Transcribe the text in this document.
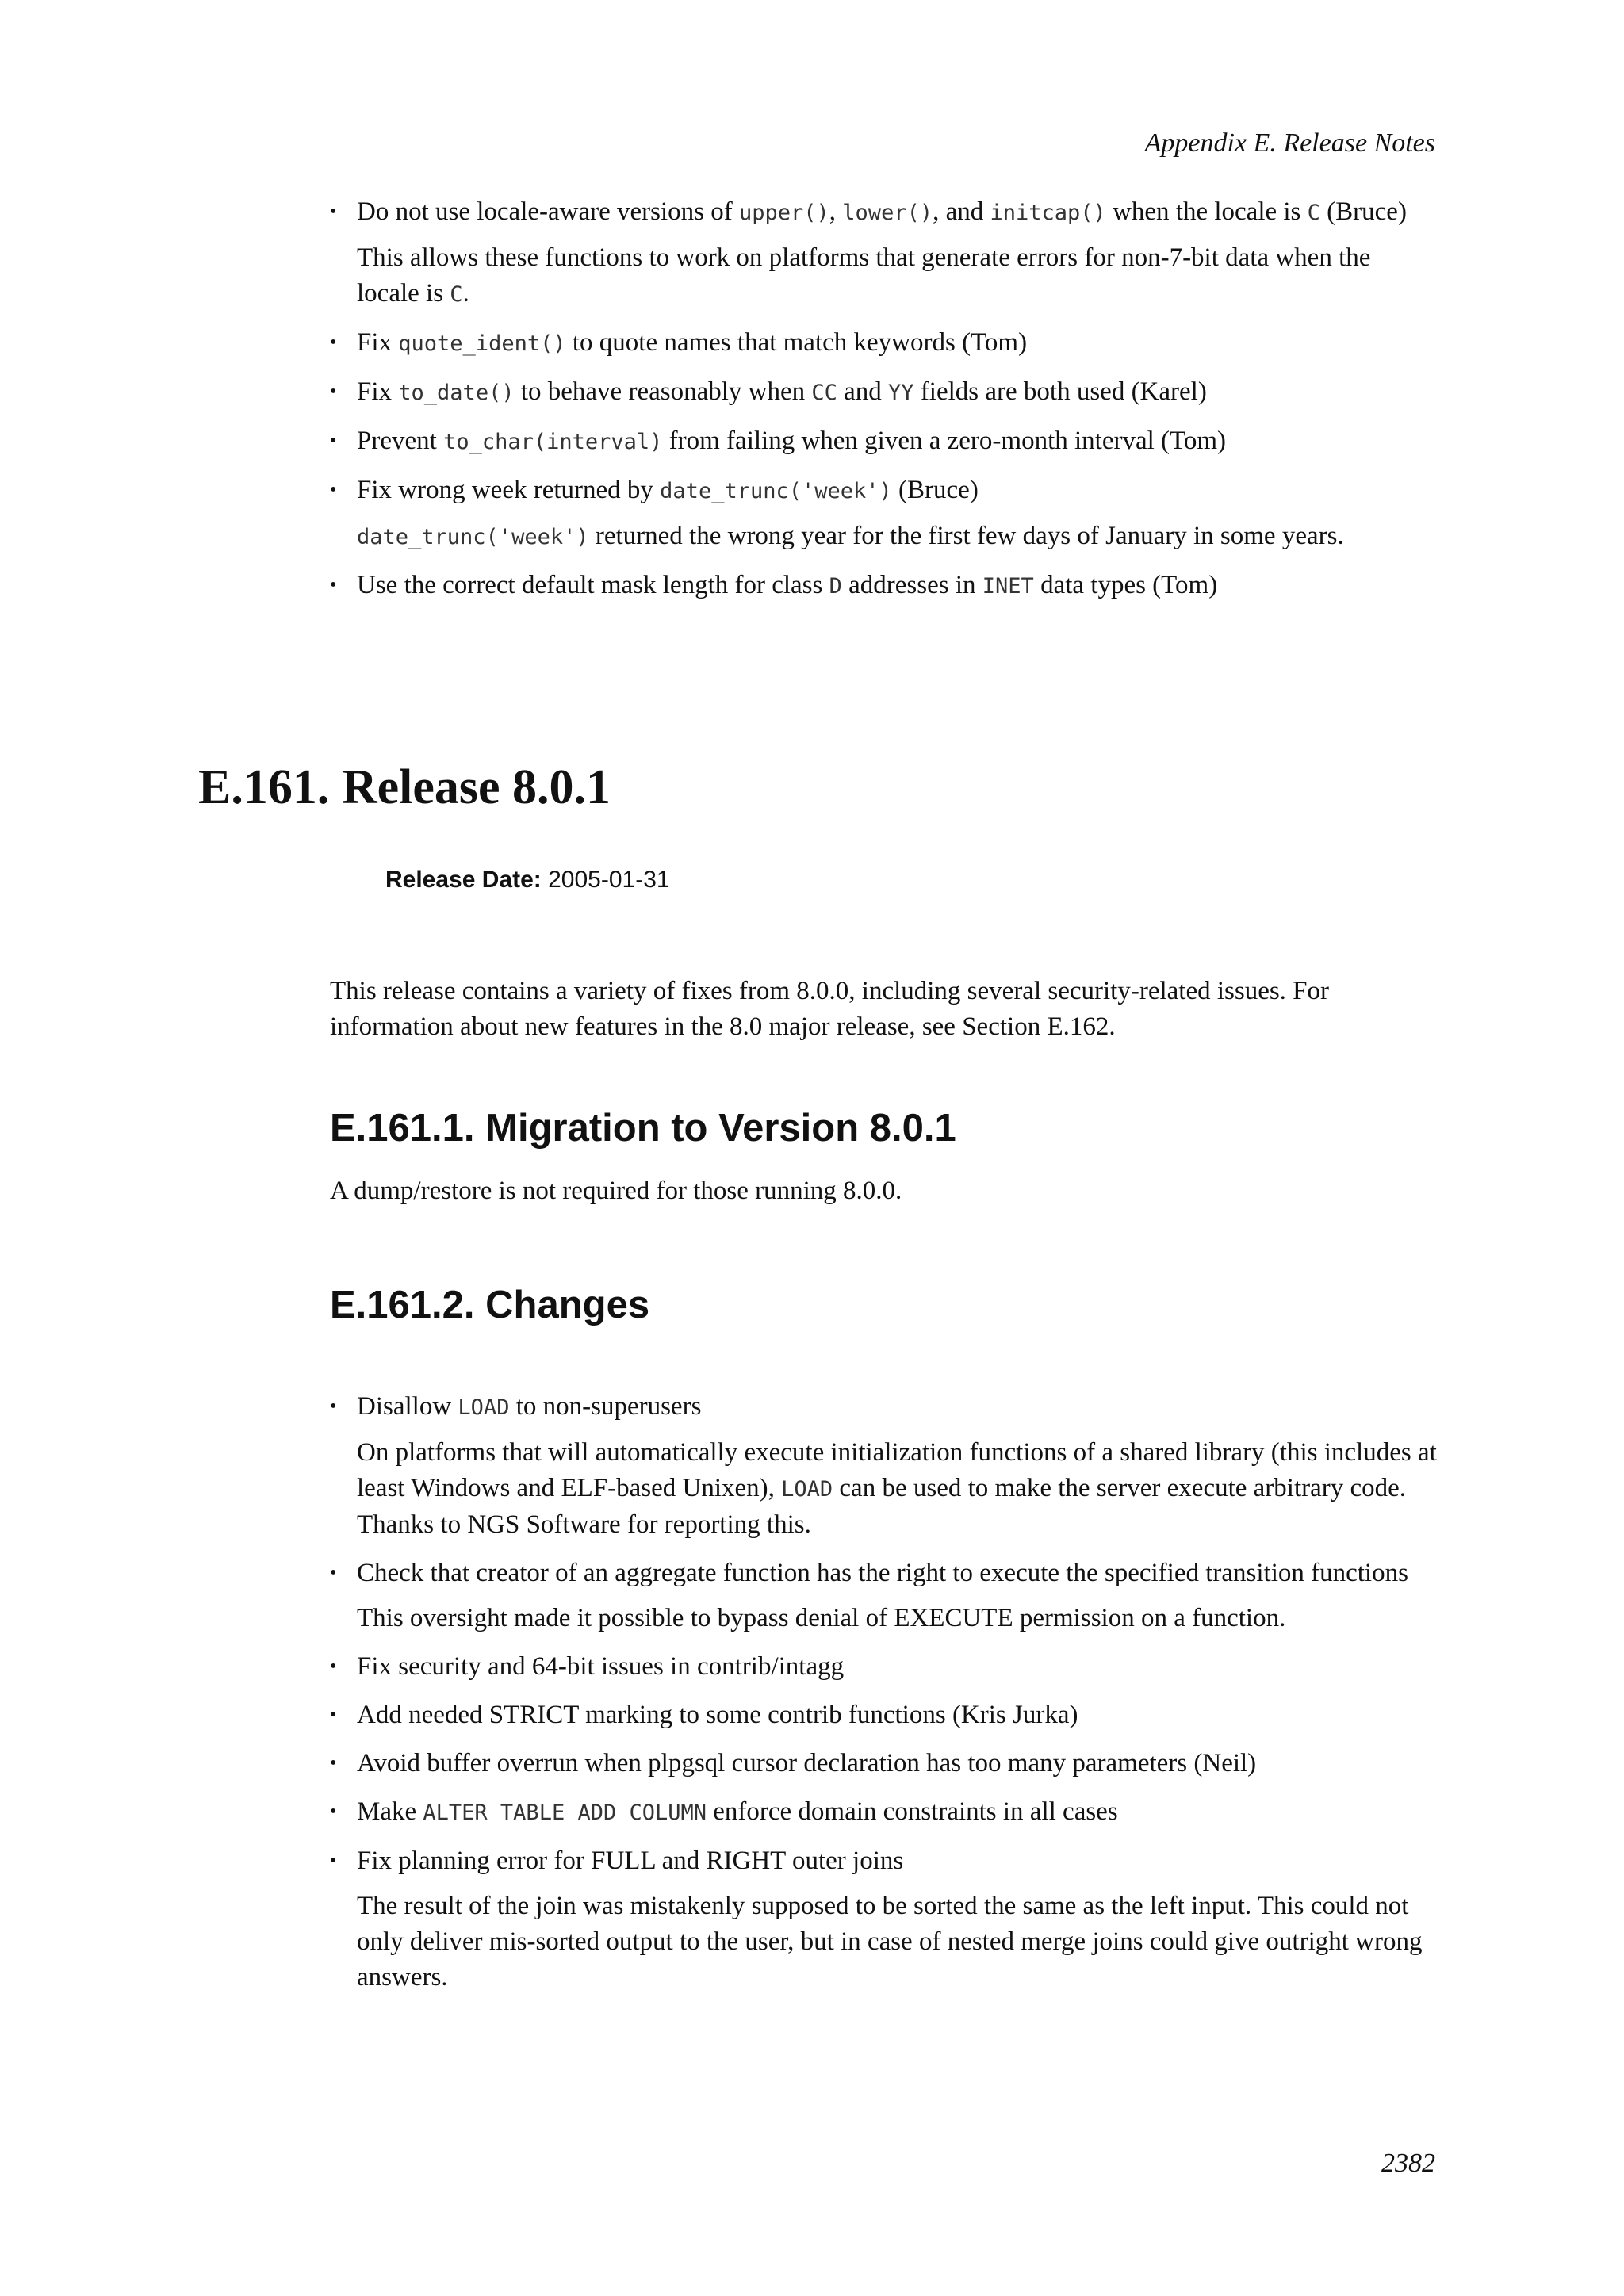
Appendix E. Release Notes
• Do not use locale-aware versions of upper(), lower(), and initcap() when the locale is C (Bruce)
This allows these functions to work on platforms that generate errors for non-7-bit data when the locale is C.
• Fix quote_ident() to quote names that match keywords (Tom)
• Fix to_date() to behave reasonably when CC and YY fields are both used (Karel)
• Prevent to_char(interval) from failing when given a zero-month interval (Tom)
• Fix wrong week returned by date_trunc('week') (Bruce)
date_trunc('week') returned the wrong year for the first few days of January in some years.
• Use the correct default mask length for class D addresses in INET data types (Tom)
E.161. Release 8.0.1
Release Date: 2005-01-31
This release contains a variety of fixes from 8.0.0, including several security-related issues. For information about new features in the 8.0 major release, see Section E.162.
E.161.1. Migration to Version 8.0.1
A dump/restore is not required for those running 8.0.0.
E.161.2. Changes
• Disallow LOAD to non-superusers
On platforms that will automatically execute initialization functions of a shared library (this includes at least Windows and ELF-based Unixen), LOAD can be used to make the server execute arbitrary code. Thanks to NGS Software for reporting this.
• Check that creator of an aggregate function has the right to execute the specified transition functions
This oversight made it possible to bypass denial of EXECUTE permission on a function.
• Fix security and 64-bit issues in contrib/intagg
• Add needed STRICT marking to some contrib functions (Kris Jurka)
• Avoid buffer overrun when plpgsql cursor declaration has too many parameters (Neil)
• Make ALTER TABLE ADD COLUMN enforce domain constraints in all cases
• Fix planning error for FULL and RIGHT outer joins
The result of the join was mistakenly supposed to be sorted the same as the left input. This could not only deliver mis-sorted output to the user, but in case of nested merge joins could give outright wrong answers.
2382
